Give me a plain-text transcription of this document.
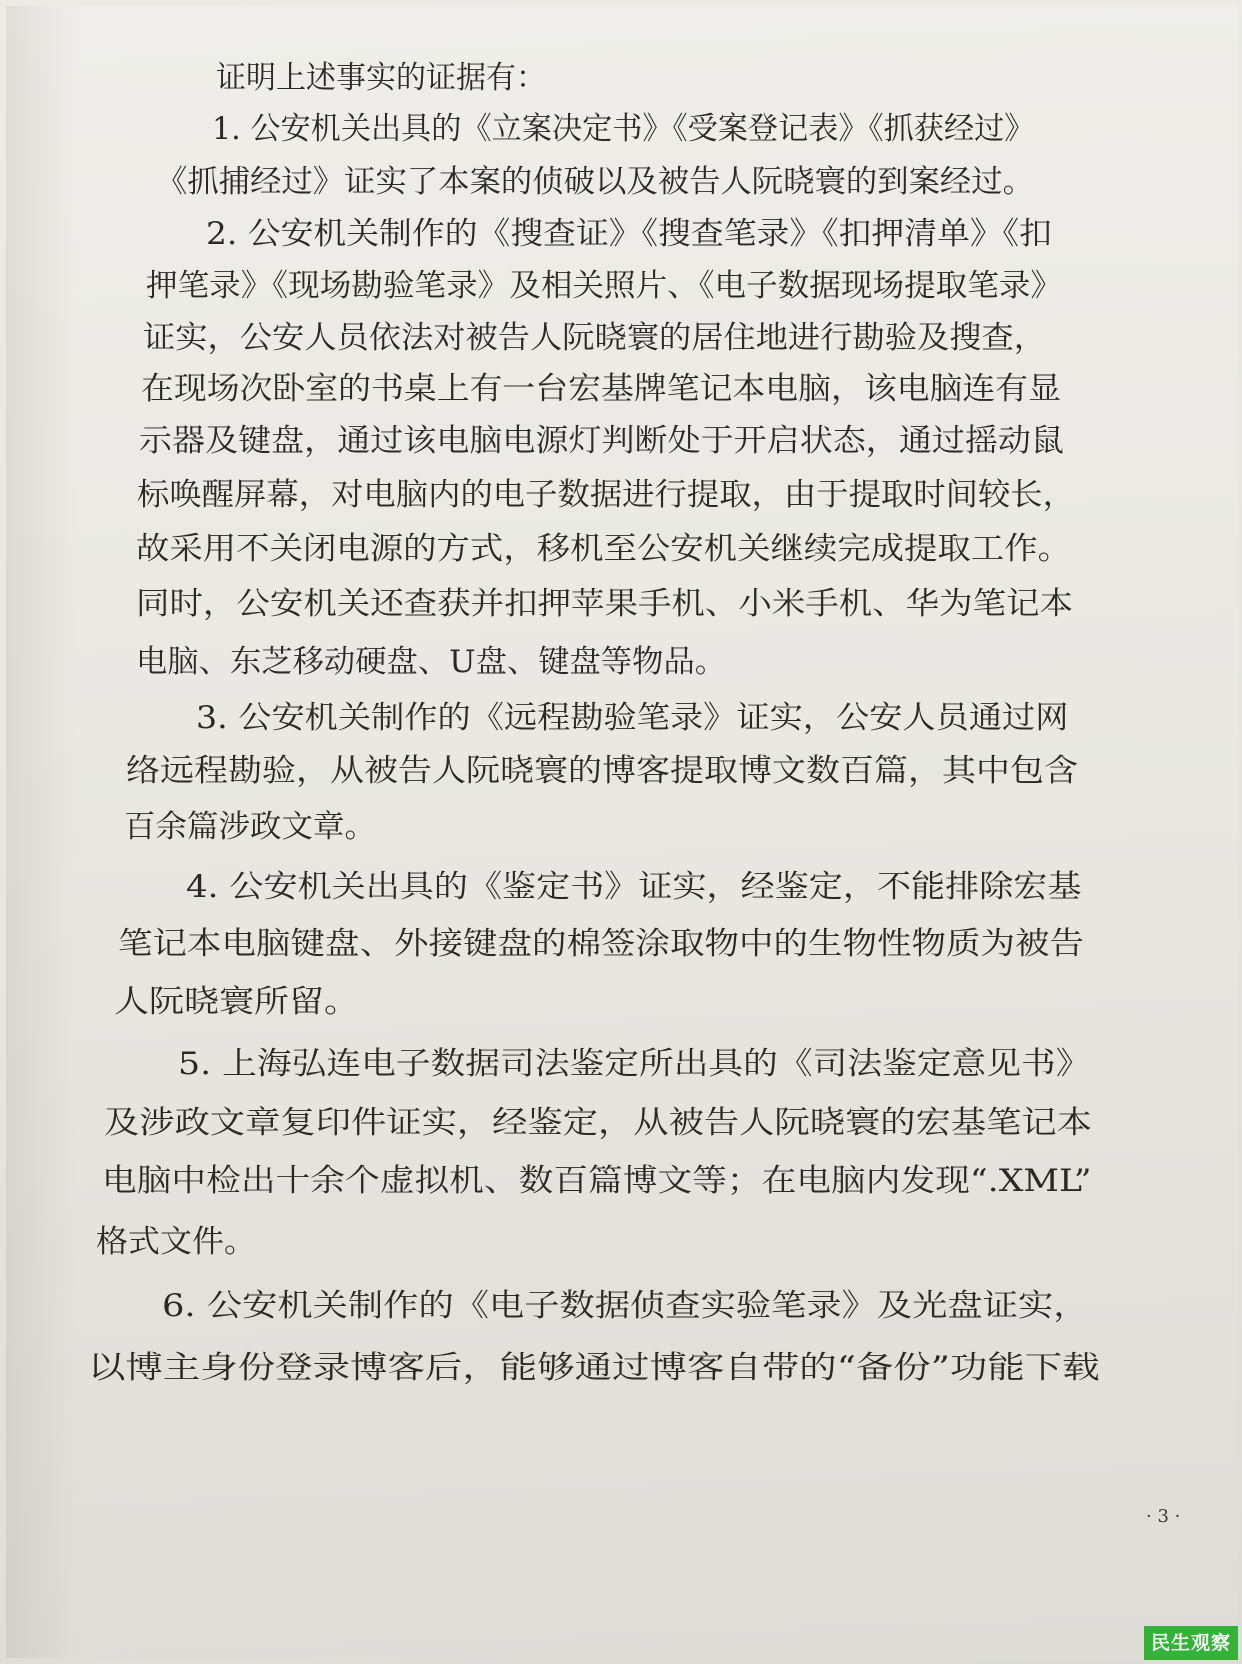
证明上述事实的证据有：
1. 公安机关出具的《立案决定书》《受案登记表》《抓获经过》
《抓捕经过》证实了本案的侦破以及被告人阮晓寰的到案经过。
2. 公安机关制作的《搜查证》《搜查笔录》《扣押清单》《扣
押笔录》《现场勘验笔录》及相关照片、《电子数据现场提取笔录》
证实，公安人员依法对被告人阮晓寰的居住地进行勘验及搜查，
在现场次卧室的书桌上有一台宏基牌笔记本电脑，该电脑连有显
示器及键盘，通过该电脑电源灯判断处于开启状态，通过摇动鼠
标唤醒屏幕，对电脑内的电子数据进行提取，由于提取时间较长，
故采用不关闭电源的方式，移机至公安机关继续完成提取工作。
同时，公安机关还查获并扣押苹果手机、小米手机、华为笔记本
电脑、东芝移动硬盘、U盘、键盘等物品。
3. 公安机关制作的《远程勘验笔录》证实，公安人员通过网
络远程勘验，从被告人阮晓寰的博客提取博文数百篇，其中包含
百余篇涉政文章。
4. 公安机关出具的《鉴定书》证实，经鉴定，不能排除宏基
笔记本电脑键盘、外接键盘的棉签涂取物中的生物性物质为被告
人阮晓寰所留。
5. 上海弘连电子数据司法鉴定所出具的《司法鉴定意见书》
及涉政文章复印件证实，经鉴定，从被告人阮晓寰的宏基笔记本
电脑中检出十余个虚拟机、数百篇博文等；在电脑内发现“.XML”
格式文件。
6. 公安机关制作的《电子数据侦查实验笔录》及光盘证实，
以博主身份登录博客后，能够通过博客自带的“备份”功能下载
· 3 ·
民生观察
